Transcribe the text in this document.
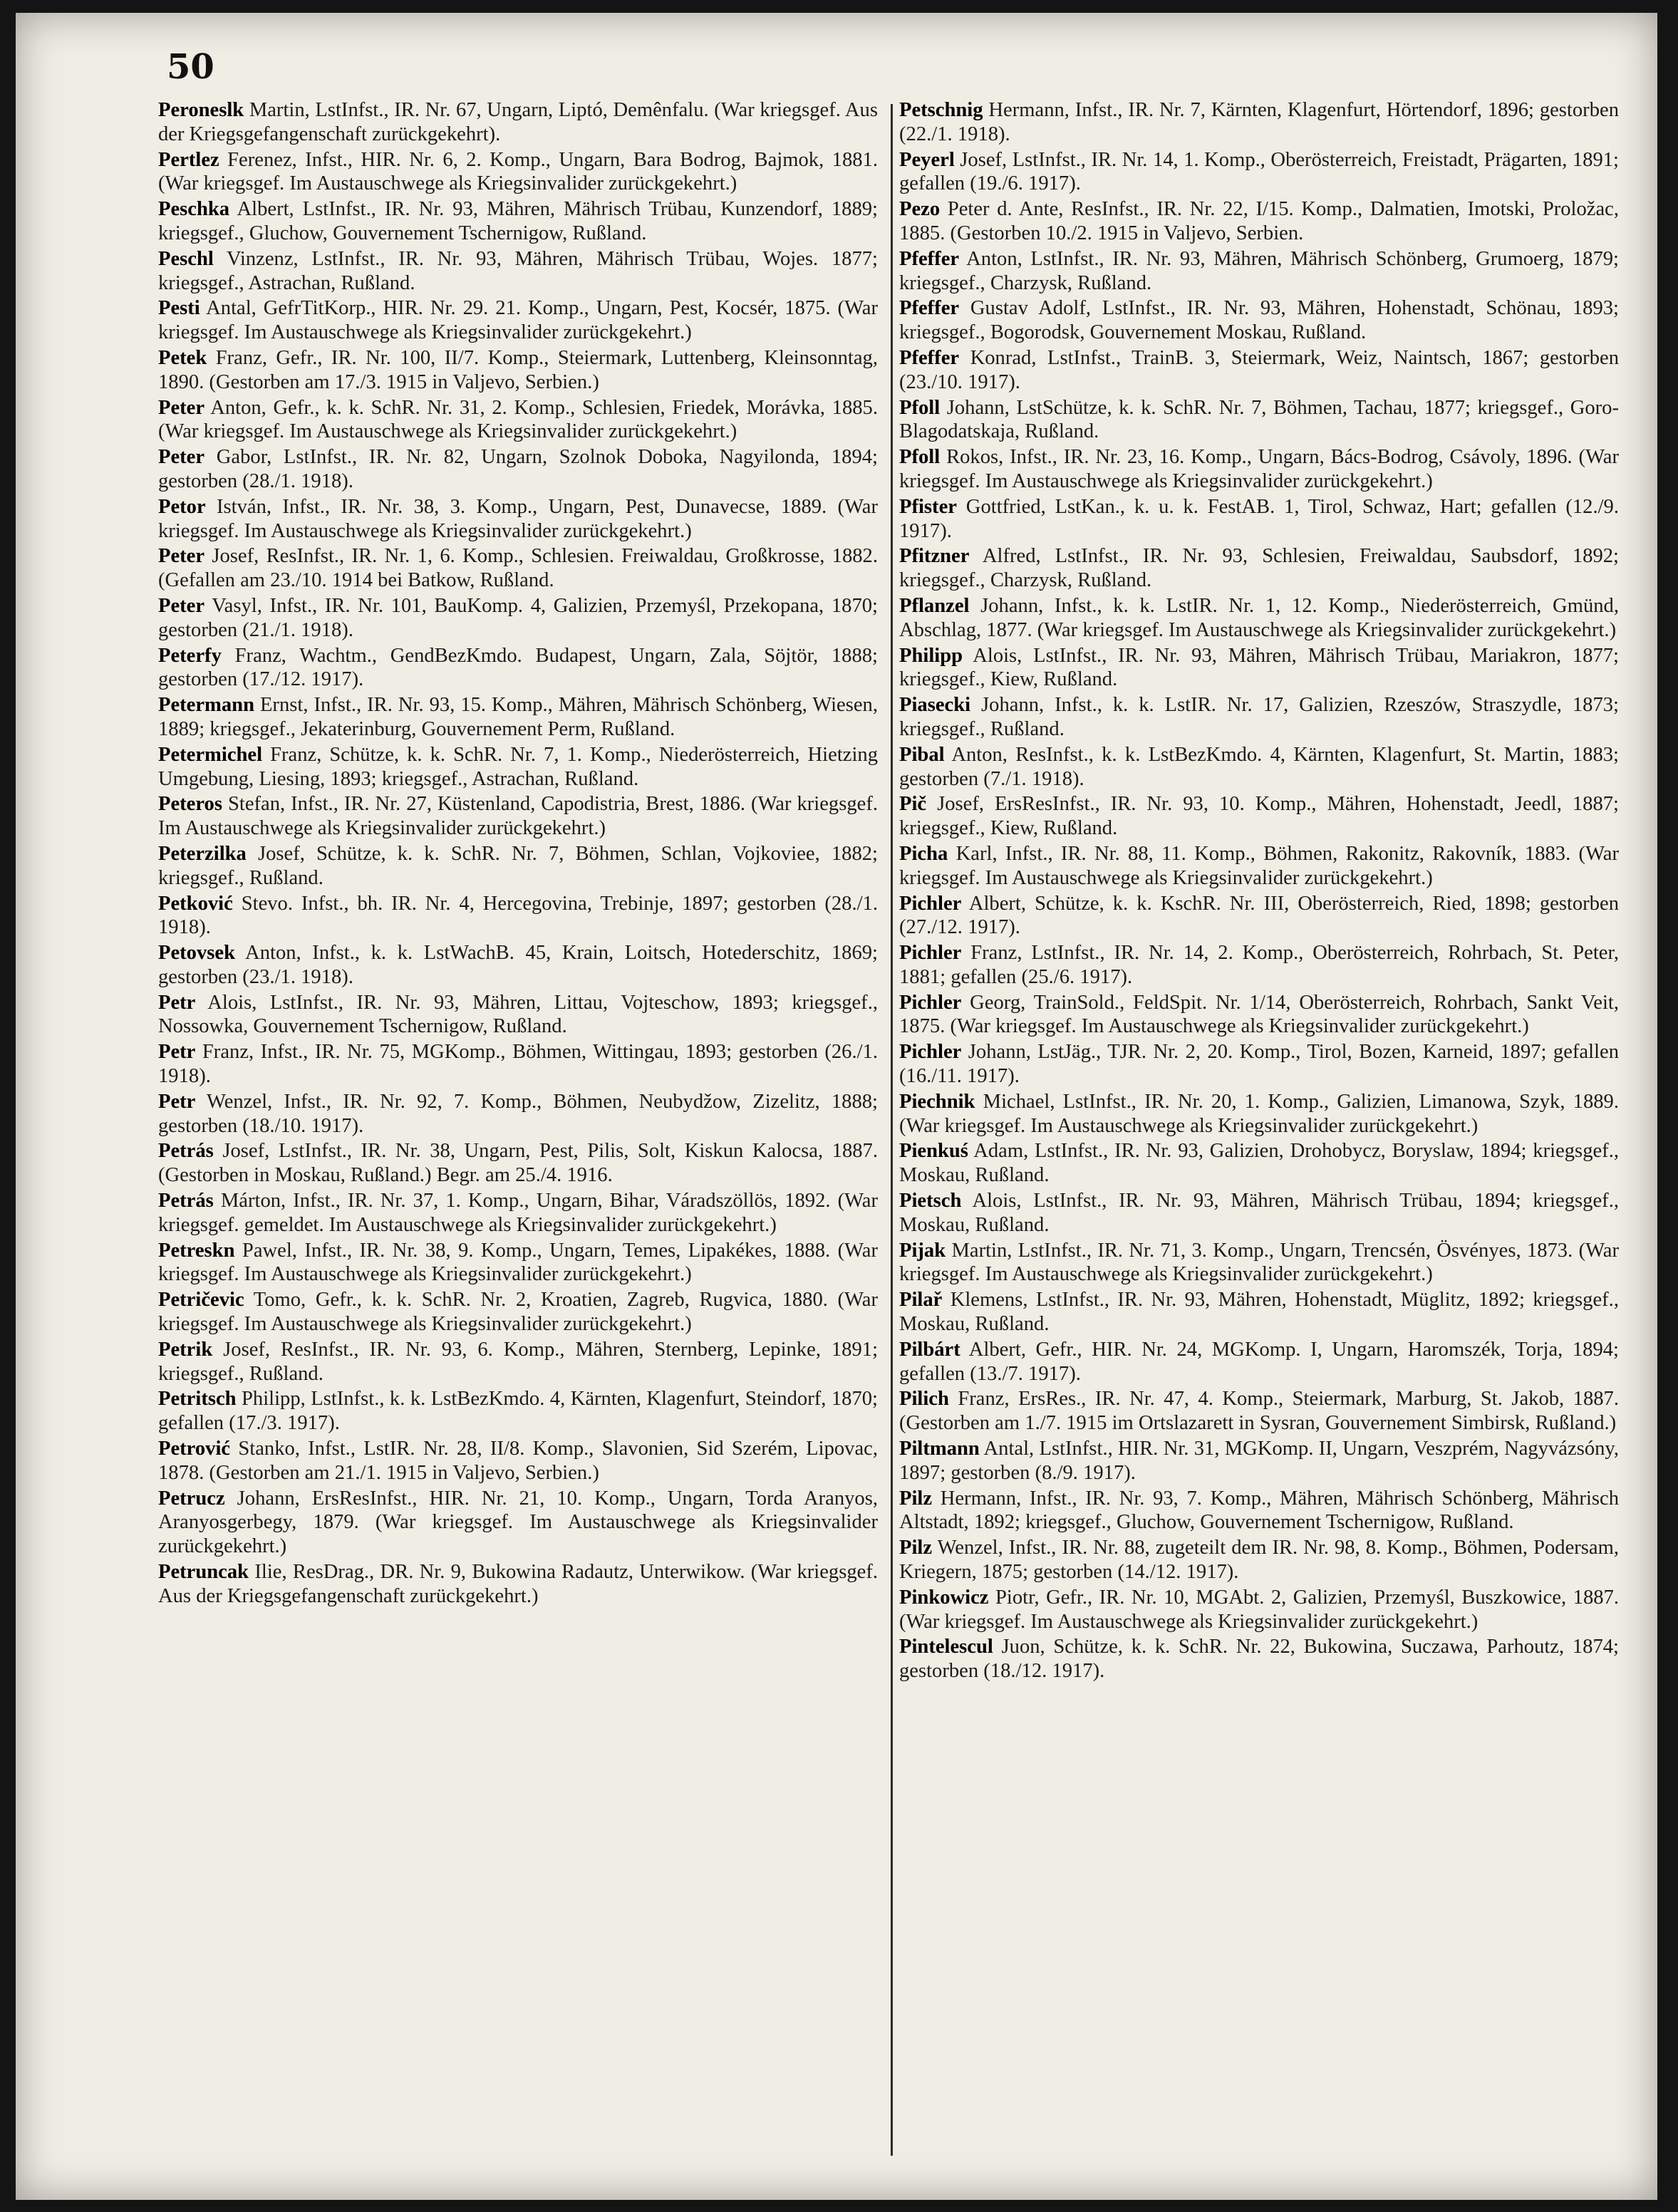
50

Peroneslk Martin, LstInfst., IR. Nr. 67, Ungarn, Liptó, Demênfalu. (War kriegsgef. Aus der Kriegsgefangenschaft zurückgekehrt).

Pertlez Ferenez, Infst., HIR. Nr. 6, 2. Komp., Ungarn, Bara Bodrog, Bajmok, 1881. (War kriegsgef. Im Austauschwege als Kriegsinvalider zurückgekehrt.)

Peschka Albert, LstInfst., IR. Nr. 93, Mähren, Mährisch Trübau, Kunzendorf, 1889; kriegsgef., Gluchow, Gouvernement Tschernigow, Rußland.

Peschl Vinzenz, LstInfst., IR. Nr. 93, Mähren, Mährisch Trübau, Wojes. 1877; kriegsgef., Astrachan, Rußland.

Pesti Antal, GefrTitKorp., HIR. Nr. 29. 21. Komp., Ungarn, Pest, Kocsér, 1875. (War kriegsgef. Im Austauschwege als Kriegsinvalider zurückgekehrt.)

Petek Franz, Gefr., IR. Nr. 100, II/7. Komp., Steiermark, Luttenberg, Kleinsonntag, 1890. (Gestorben am 17./3. 1915 in Valjevo, Serbien.)

Peter Anton, Gefr., k. k. SchR. Nr. 31, 2. Komp., Schlesien, Friedek, Morávka, 1885. (War kriegsgef. Im Austauschwege als Kriegsinvalider zurückgekehrt.)

Peter Gabor, LstInfst., IR. Nr. 82, Ungarn, Szolnok Doboka, Nagyilonda, 1894; gestorben (28./1. 1918).

Petor István, Infst., IR. Nr. 38, 3. Komp., Ungarn, Pest, Dunavecse, 1889. (War kriegsgef. Im Austauschwege als Kriegsinvalider zurückgekehrt.)

Peter Josef, ResInfst., IR. Nr. 1, 6. Komp., Schlesien. Freiwaldau, Großkrosse, 1882. (Gefallen am 23./10. 1914 bei Batkow, Rußland.

Peter Vasyl, Infst., IR. Nr. 101, BauKomp. 4, Galizien, Przemyśl, Przekopana, 1870; gestorben (21./1. 1918).

Peterfy Franz, Wachtm., GendBezKmdo. Budapest, Ungarn, Zala, Söjtör, 1888; gestorben (17./12. 1917).

Petermann Ernst, Infst., IR. Nr. 93, 15. Komp., Mähren, Mährisch Schönberg, Wiesen, 1889; kriegsgef., Jekaterinburg, Gouvernement Perm, Rußland.

Petermichel Franz, Schütze, k. k. SchR. Nr. 7, 1. Komp., Niederösterreich, Hietzing Umgebung, Liesing, 1893; kriegsgef., Astrachan, Rußland.

Peteros Stefan, Infst., IR. Nr. 27, Küstenland, Capodistria, Brest, 1886. (War kriegsgef. Im Austauschwege als Kriegsinvalider zurückgekehrt.)

Peterzilka Josef, Schütze, k. k. SchR. Nr. 7, Böhmen, Schlan, Vojkoviee, 1882; kriegsgef., Rußland.

Petković Stevo. Infst., bh. IR. Nr. 4, Hercegovina, Trebinje, 1897; gestorben (28./1. 1918).

Petovsek Anton, Infst., k. k. LstWachB. 45, Krain, Loitsch, Hotederschitz, 1869; gestorben (23./1. 1918).

Petr Alois, LstInfst., IR. Nr. 93, Mähren, Littau, Vojteschow, 1893; kriegsgef., Nossowka, Gouvernement Tschernigow, Rußland.

Petr Franz, Infst., IR. Nr. 75, MGKomp., Böhmen, Wittingau, 1893; gestorben (26./1. 1918).

Petr Wenzel, Infst., IR. Nr. 92, 7. Komp., Böhmen, Neubydžow, Zizelitz, 1888; gestorben (18./10. 1917).

Petrás Josef, LstInfst., IR. Nr. 38, Ungarn, Pest, Pilis, Solt, Kiskun Kalocsa, 1887. (Gestorben in Moskau, Rußland.) Begr. am 25./4. 1916.

Petrás Márton, Infst., IR. Nr. 37, 1. Komp., Ungarn, Bihar, Váradszöllös, 1892. (War kriegsgef. gemeldet. Im Austauschwege als Kriegsinvalider zurückgekehrt.)

Petreskn Pawel, Infst., IR. Nr. 38, 9. Komp., Ungarn, Temes, Lipakékes, 1888. (War kriegsgef. Im Austauschwege als Kriegsinvalider zurückgekehrt.)

Petričevic Tomo, Gefr., k. k. SchR. Nr. 2, Kroatien, Zagreb, Rugvica, 1880. (War kriegsgef. Im Austauschwege als Kriegsinvalider zurückgekehrt.)

Petrik Josef, ResInfst., IR. Nr. 93, 6. Komp., Mähren, Sternberg, Lepinke, 1891; kriegsgef., Rußland.

Petritsch Philipp, LstInfst., k. k. LstBezKmdo. 4, Kärnten, Klagenfurt, Steindorf, 1870; gefallen (17./3. 1917).

Petrović Stanko, Infst., LstIR. Nr. 28, II/8. Komp., Slavonien, Sid Szerém, Lipovac, 1878. (Gestorben am 21./1. 1915 in Valjevo, Serbien.)

Petrucz Johann, ErsResInfst., HIR. Nr. 21, 10. Komp., Ungarn, Torda Aranyos, Aranyosgerbegy, 1879. (War kriegsgef. Im Austauschwege als Kriegsinvalider zurückgekehrt.)

Petruncak Ilie, ResDrag., DR. Nr. 9, Bukowina Radautz, Unterwikow. (War kriegsgef. Aus der Kriegsgefangenschaft zurückgekehrt.)

Petschnig Hermann, Infst., IR. Nr. 7, Kärnten, Klagenfurt, Hörtendorf, 1896; gestorben (22./1. 1918).

Peyerl Josef, LstInfst., IR. Nr. 14, 1. Komp., Oberösterreich, Freistadt, Prägarten, 1891; gefallen (19./6. 1917).

Pezo Peter d. Ante, ResInfst., IR. Nr. 22, I/15. Komp., Dalmatien, Imotski, Proložac, 1885. (Gestorben 10./2. 1915 in Valjevo, Serbien.

Pfeffer Anton, LstInfst., IR. Nr. 93, Mähren, Mährisch Schönberg, Grumoerg, 1879; kriegsgef., Charzysk, Rußland.

Pfeffer Gustav Adolf, LstInfst., IR. Nr. 93, Mähren, Hohenstadt, Schönau, 1893; kriegsgef., Bogorodsk, Gouvernement Moskau, Rußland.

Pfeffer Konrad, LstInfst., TrainB. 3, Steiermark, Weiz, Naintsch, 1867; gestorben (23./10. 1917).

Pfoll Johann, LstSchütze, k. k. SchR. Nr. 7, Böhmen, Tachau, 1877; kriegsgef., Goro-Blagodatskaja, Rußland.

Pfoll Rokos, Infst., IR. Nr. 23, 16. Komp., Ungarn, Bács-Bodrog, Csávoly, 1896. (War kriegsgef. Im Austauschwege als Kriegsinvalider zurückgekehrt.)

Pfister Gottfried, LstKan., k. u. k. FestAB. 1, Tirol, Schwaz, Hart; gefallen (12./9. 1917).

Pfitzner Alfred, LstInfst., IR. Nr. 93, Schlesien, Freiwaldau, Saubsdorf, 1892; kriegsgef., Charzysk, Rußland.

Pflanzel Johann, Infst., k. k. LstIR. Nr. 1, 12. Komp., Niederösterreich, Gmünd, Abschlag, 1877. (War kriegsgef. Im Austauschwege als Kriegsinvalider zurückgekehrt.)

Philipp Alois, LstInfst., IR. Nr. 93, Mähren, Mährisch Trübau, Mariakron, 1877; kriegsgef., Kiew, Rußland.

Piasecki Johann, Infst., k. k. LstIR. Nr. 17, Galizien, Rzeszów, Straszydle, 1873; kriegsgef., Rußland.

Pibal Anton, ResInfst., k. k. LstBezKmdo. 4, Kärnten, Klagenfurt, St. Martin, 1883; gestorben (7./1. 1918).

Pič Josef, ErsResInfst., IR. Nr. 93, 10. Komp., Mähren, Hohenstadt, Jeedl, 1887; kriegsgef., Kiew, Rußland.

Picha Karl, Infst., IR. Nr. 88, 11. Komp., Böhmen, Rakonitz, Rakovník, 1883. (War kriegsgef. Im Austauschwege als Kriegsinvalider zurückgekehrt.)

Pichler Albert, Schütze, k. k. KschR. Nr. III, Oberösterreich, Ried, 1898; gestorben (27./12. 1917).

Pichler Franz, LstInfst., IR. Nr. 14, 2. Komp., Oberösterreich, Rohrbach, St. Peter, 1881; gefallen (25./6. 1917).

Pichler Georg, TrainSold., FeldSpit. Nr. 1/14, Oberösterreich, Rohrbach, Sankt Veit, 1875. (War kriegsgef. Im Austauschwege als Kriegsinvalider zurückgekehrt.)

Pichler Johann, LstJäg., TJR. Nr. 2, 20. Komp., Tirol, Bozen, Karneid, 1897; gefallen (16./11. 1917).

Piechnik Michael, LstInfst., IR. Nr. 20, 1. Komp., Galizien, Limanowa, Szyk, 1889. (War kriegsgef. Im Austauschwege als Kriegsinvalider zurückgekehrt.)

Pienkuś Adam, LstInfst., IR. Nr. 93, Galizien, Drohobycz, Boryslaw, 1894; kriegsgef., Moskau, Rußland.

Pietsch Alois, LstInfst., IR. Nr. 93, Mähren, Mährisch Trübau, 1894; kriegsgef., Moskau, Rußland.

Pijak Martin, LstInfst., IR. Nr. 71, 3. Komp., Ungarn, Trencsén, Ösvényes, 1873. (War kriegsgef. Im Austauschwege als Kriegsinvalider zurückgekehrt.)

Pilař Klemens, LstInfst., IR. Nr. 93, Mähren, Hohenstadt, Müglitz, 1892; kriegsgef., Moskau, Rußland.

Pilbárt Albert, Gefr., HIR. Nr. 24, MGKomp. I, Ungarn, Haromszék, Torja, 1894; gefallen (13./7. 1917).

Pilich Franz, ErsRes., IR. Nr. 47, 4. Komp., Steiermark, Marburg, St. Jakob, 1887. (Gestorben am 1./7. 1915 im Ortslazarett in Sysran, Gouvernement Simbirsk, Rußland.)

Piltmann Antal, LstInfst., HIR. Nr. 31, MGKomp. II, Ungarn, Veszprém, Nagyvázsóny, 1897; gestorben (8./9. 1917).

Pilz Hermann, Infst., IR. Nr. 93, 7. Komp., Mähren, Mährisch Schönberg, Mährisch Altstadt, 1892; kriegsgef., Gluchow, Gouvernement Tschernigow, Rußland.

Pilz Wenzel, Infst., IR. Nr. 88, zugeteilt dem IR. Nr. 98, 8. Komp., Böhmen, Podersam, Kriegern, 1875; gestorben (14./12. 1917).

Pinkowicz Piotr, Gefr., IR. Nr. 10, MGAbt. 2, Galizien, Przemyśl, Buszkowice, 1887. (War kriegsgef. Im Austauschwege als Kriegsinvalider zurückgekehrt.)

Pintelescul Juon, Schütze, k. k. SchR. Nr. 22, Bukowina, Suczawa, Parhoutz, 1874; gestorben (18./12. 1917).
